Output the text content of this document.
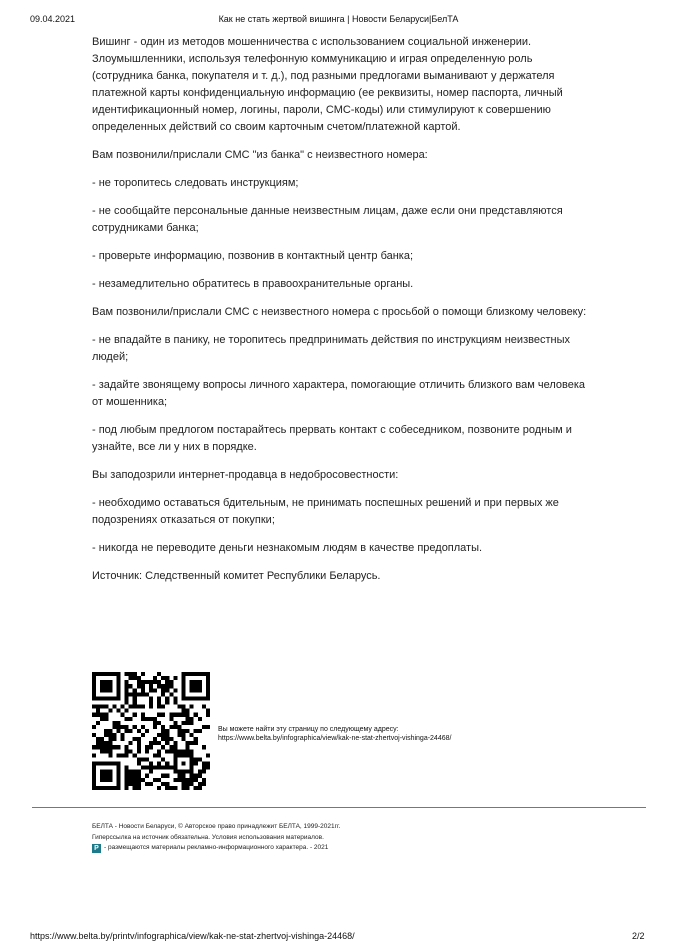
09.04.2021	Как не стать жертвой вишинга | Новости Беларуси|БелТА

Вишинг - один из методов мошенничества с использованием социальной инженерии. Злоумышленники, используя телефонную коммуникацию и играя определенную роль (сотрудника банка, покупателя и т. д.), под разными предлогами выманивают у держателя платежной карты конфиденциальную информацию (ее реквизиты, номер паспорта, личный идентификационный номер, логины, пароли, СМС-коды) или стимулируют к совершению определенных действий со своим карточным счетом/платежной картой.

Вам позвонили/прислали СМС "из банка" с неизвестного номера:

- не торопитесь следовать инструкциям;

- не сообщайте персональные данные неизвестным лицам, даже если они представляются сотрудниками банка;

- проверьте информацию, позвонив в контактный центр банка;

- незамедлительно обратитесь в правоохранительные органы.

Вам позвонили/прислали СМС с неизвестного номера с просьбой о помощи близкому человеку:

- не впадайте в панику, не торопитесь предпринимать действия по инструкциям неизвестных людей;

- задайте звонящему вопросы личного характера, помогающие отличить близкого вам человека от мошенника;

- под любым предлогом постарайтесь прервать контакт с собеседником, позвоните родным и узнайте, все ли у них в порядке.

Вы заподозрили интернет-продавца в недобросовестности:

- необходимо оставаться бдительным, не принимать поспешных решений и при первых же подозрениях отказаться от покупки;

- никогда не переводите деньги незнакомым людям в качестве предоплаты.

Источник: Следственный комитет Республики Беларусь.

Вы можете найти эту страницу по следующему адресу:
https://www.belta.by/infographica/view/kak-ne-stat-zhertvoj-vishinga-24468/
БЕЛТА - Новости Беларуси, © Авторское право принадлежит БЕЛТА, 1999-2021гг.
Гиперссылка на источник обязательна. Условия использования материалов.
Р - размещаются материалы рекламно-информационного характера. - 2021
https://www.belta.by/printv/infographica/view/kak-ne-stat-zhertvoj-vishinga-24468/	2/2
